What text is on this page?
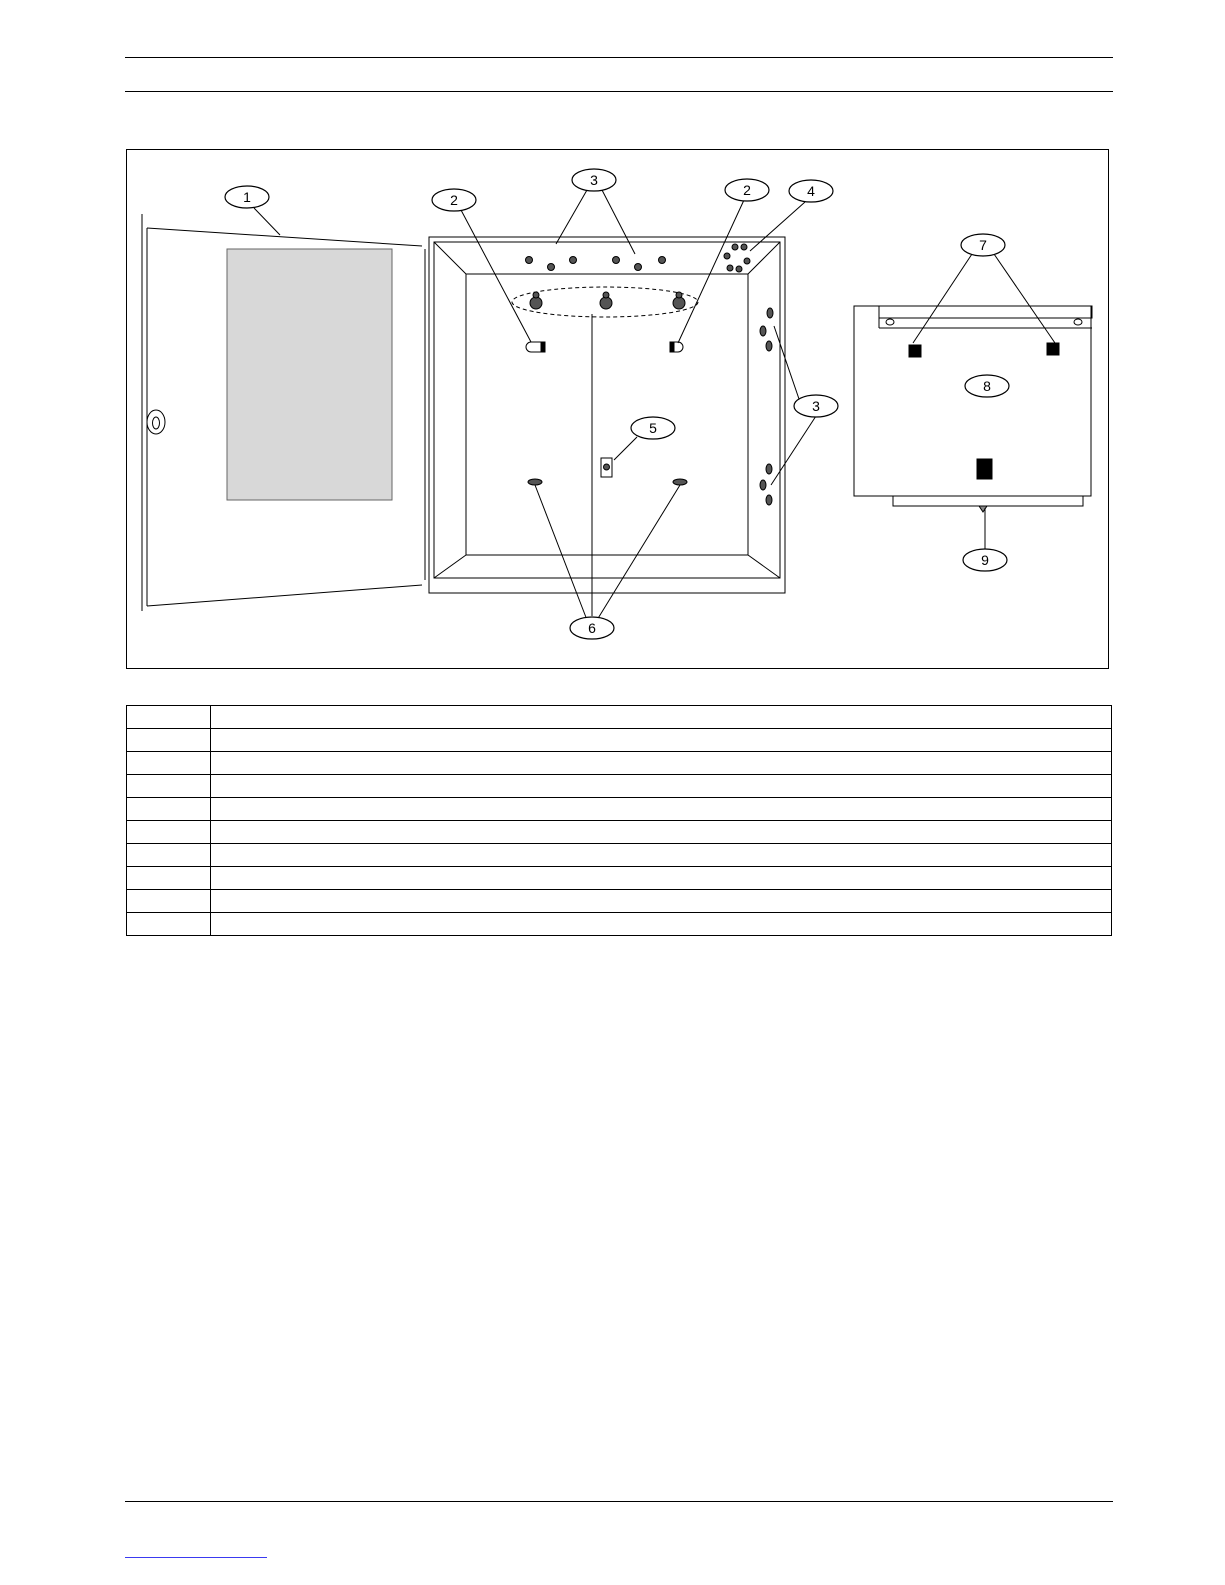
1	2
3
2	4
7
8
3
5
9
6
